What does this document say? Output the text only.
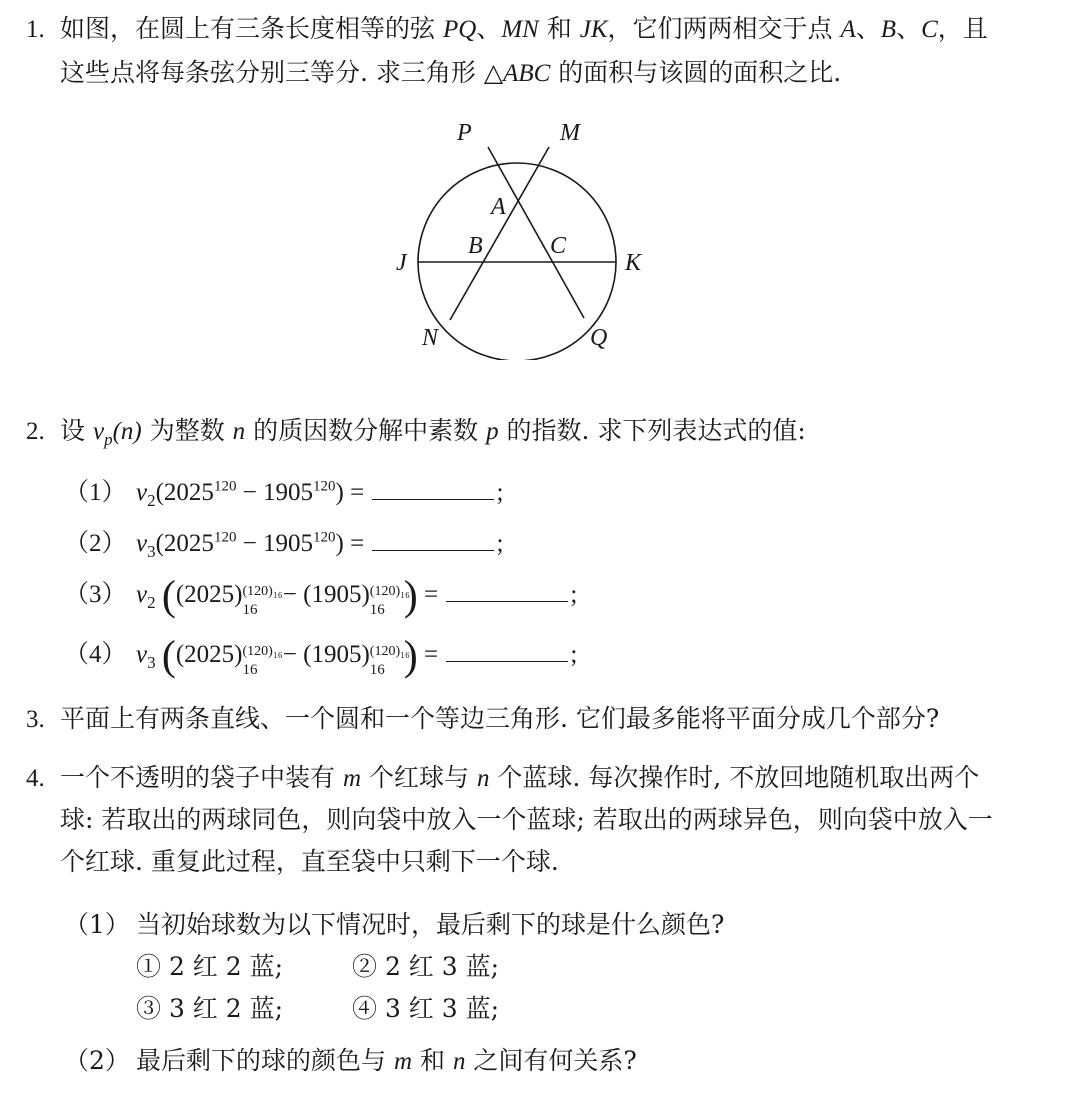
1. 如图，在圆上有三条长度相等的弦 PQ、MN 和 JK，它们两两相交于点 A、B、C，且
这些点将每条弦分别三等分. 求三角形 △ABC 的面积与该圆的面积之比.
P	M
J	K
N	Q
A
B	C
2. 设 $v_p(n)$ 为整数 n 的质因数分解中素数 p 的指数. 求下列表达式的值:
（1） $v_2(2025^{120} - 1905^{120})$ =	;
（2） $v_3(2025^{120} - 1905^{120})$ =	;
（3） $v_2$ ((2025) (120)₁₆
16
− (1905) (120)₁₆
16 ) =	;
（4） $v_3$ ((2025) (120)₁₆
16
− (1905) (120)₁₆
16 ) =	;
3. 平面上有两条直线、一个圆和一个等边三角形. 它们最多能将平面分成几个部分?
4. 一个不透明的袋子中装有 m 个红球与 n 个蓝球. 每次操作时, 不放回地随机取出两个
球: 若取出的两球同色，则向袋中放入一个蓝球; 若取出的两球异色，则向袋中放入一
个红球. 重复此过程，直至袋中只剩下一个球.
（1） 当初始球数为以下情况时，最后剩下的球是什么颜色?
① 2 红 2 蓝;	② 2 红 3 蓝;
③ 3 红 2 蓝;	④ 3 红 3 蓝;
（2） 最后剩下的球的颜色与 m 和 n 之间有何关系?
